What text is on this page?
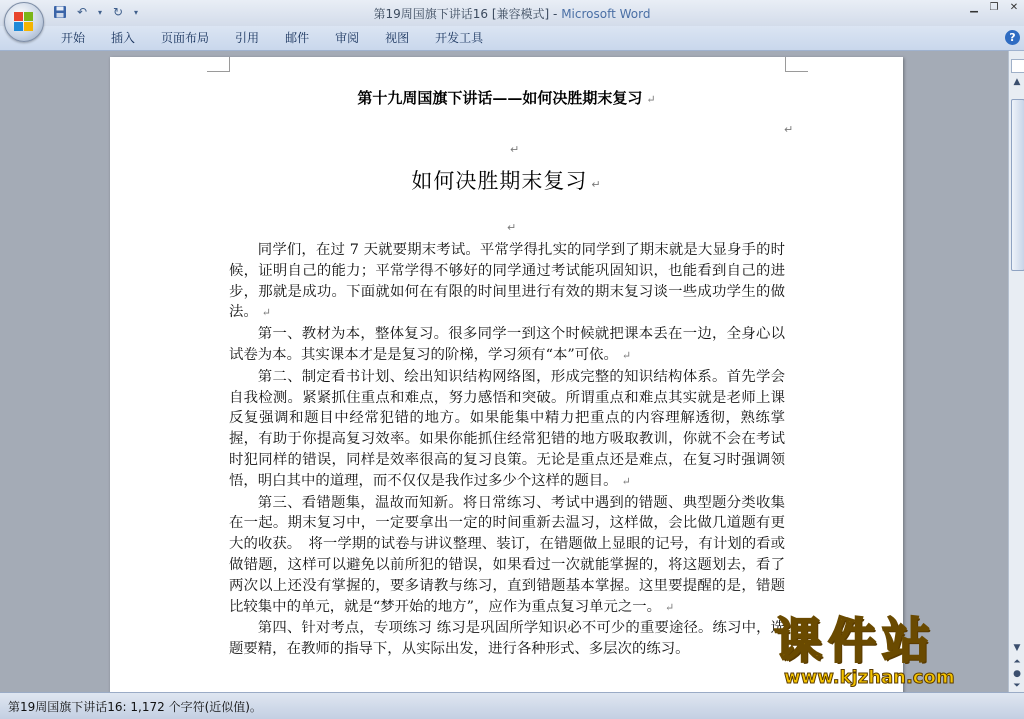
↶	▾ ↻	▾	第19周国旗下讲话16 [兼容模式] - Microsoft Word	▁ ❐ ✕
开始	插入	页面布局	引用	邮件	审阅	视图	开发工具	?
第十九周国旗下讲话——如何决胜期末复习 ↵
↵
↵
如何决胜期末复习 ↵
↵

同学们，在过 7 天就要期末考试。平常学得扎实的同学到了期末就是大显身手的时候，证明自己的能力；平常学得不够好的同学通过考试能巩固知识，也能看到自己的进步，那就是成功。下面就如何在有限的时间里进行有效的期末复习谈一些成功学生的做法。 ↵

第一、教材为本，整体复习。很多同学一到这个时候就把课本丢在一边，全身心以试卷为本。其实课本才是是复习的阶梯，学习须有“本”可依。 ↵

第二、制定看书计划、绘出知识结构网络图，形成完整的知识结构体系。首先学会自我检测。紧紧抓住重点和难点，努力感悟和突破。所谓重点和难点其实就是老师上课反复强调和题目中经常犯错的地方。如果能集中精力把重点的内容理解透彻，熟练掌握，有助于你提高复习效率。如果你能抓住经常犯错的地方吸取教训，你就不会在考试时犯同样的错误，同样是效率很高的复习良策。无论是重点还是难点，在复习时强调领悟，明白其中的道理，而不仅仅是我作过多少个这样的题目。 ↵

第三、看错题集，温故而知新。将日常练习、考试中遇到的错题、典型题分类收集在一起。期末复习中，一定要拿出一定的时间重新去温习，这样做，会比做几道题有更大的收获。　将一学期的试卷与讲议整理、装订，在错题做上显眼的记号，有计划的看或做错题，这样可以避免以前所犯的错误，如果看过一次就能掌握的，将这题划去，看了两次以上还没有掌握的，要多请教与练习，直到错题基本掌握。这里要提醒的是，错题比较集中的单元，就是“梦开始的地方”，应作为重点复习单元之一。 ↵

第四、针对考点，专项练习 练习是巩固所学知识必不可少的重要途径。练习中，选题要精，在教师的指导下，从实际出发，进行各种形式、多层次的练习。

▲
▼
⏶
●
⏷
第19周国旗下讲话16: 1,172 个字符(近似值)。
课件站
www.kjzhan.com
